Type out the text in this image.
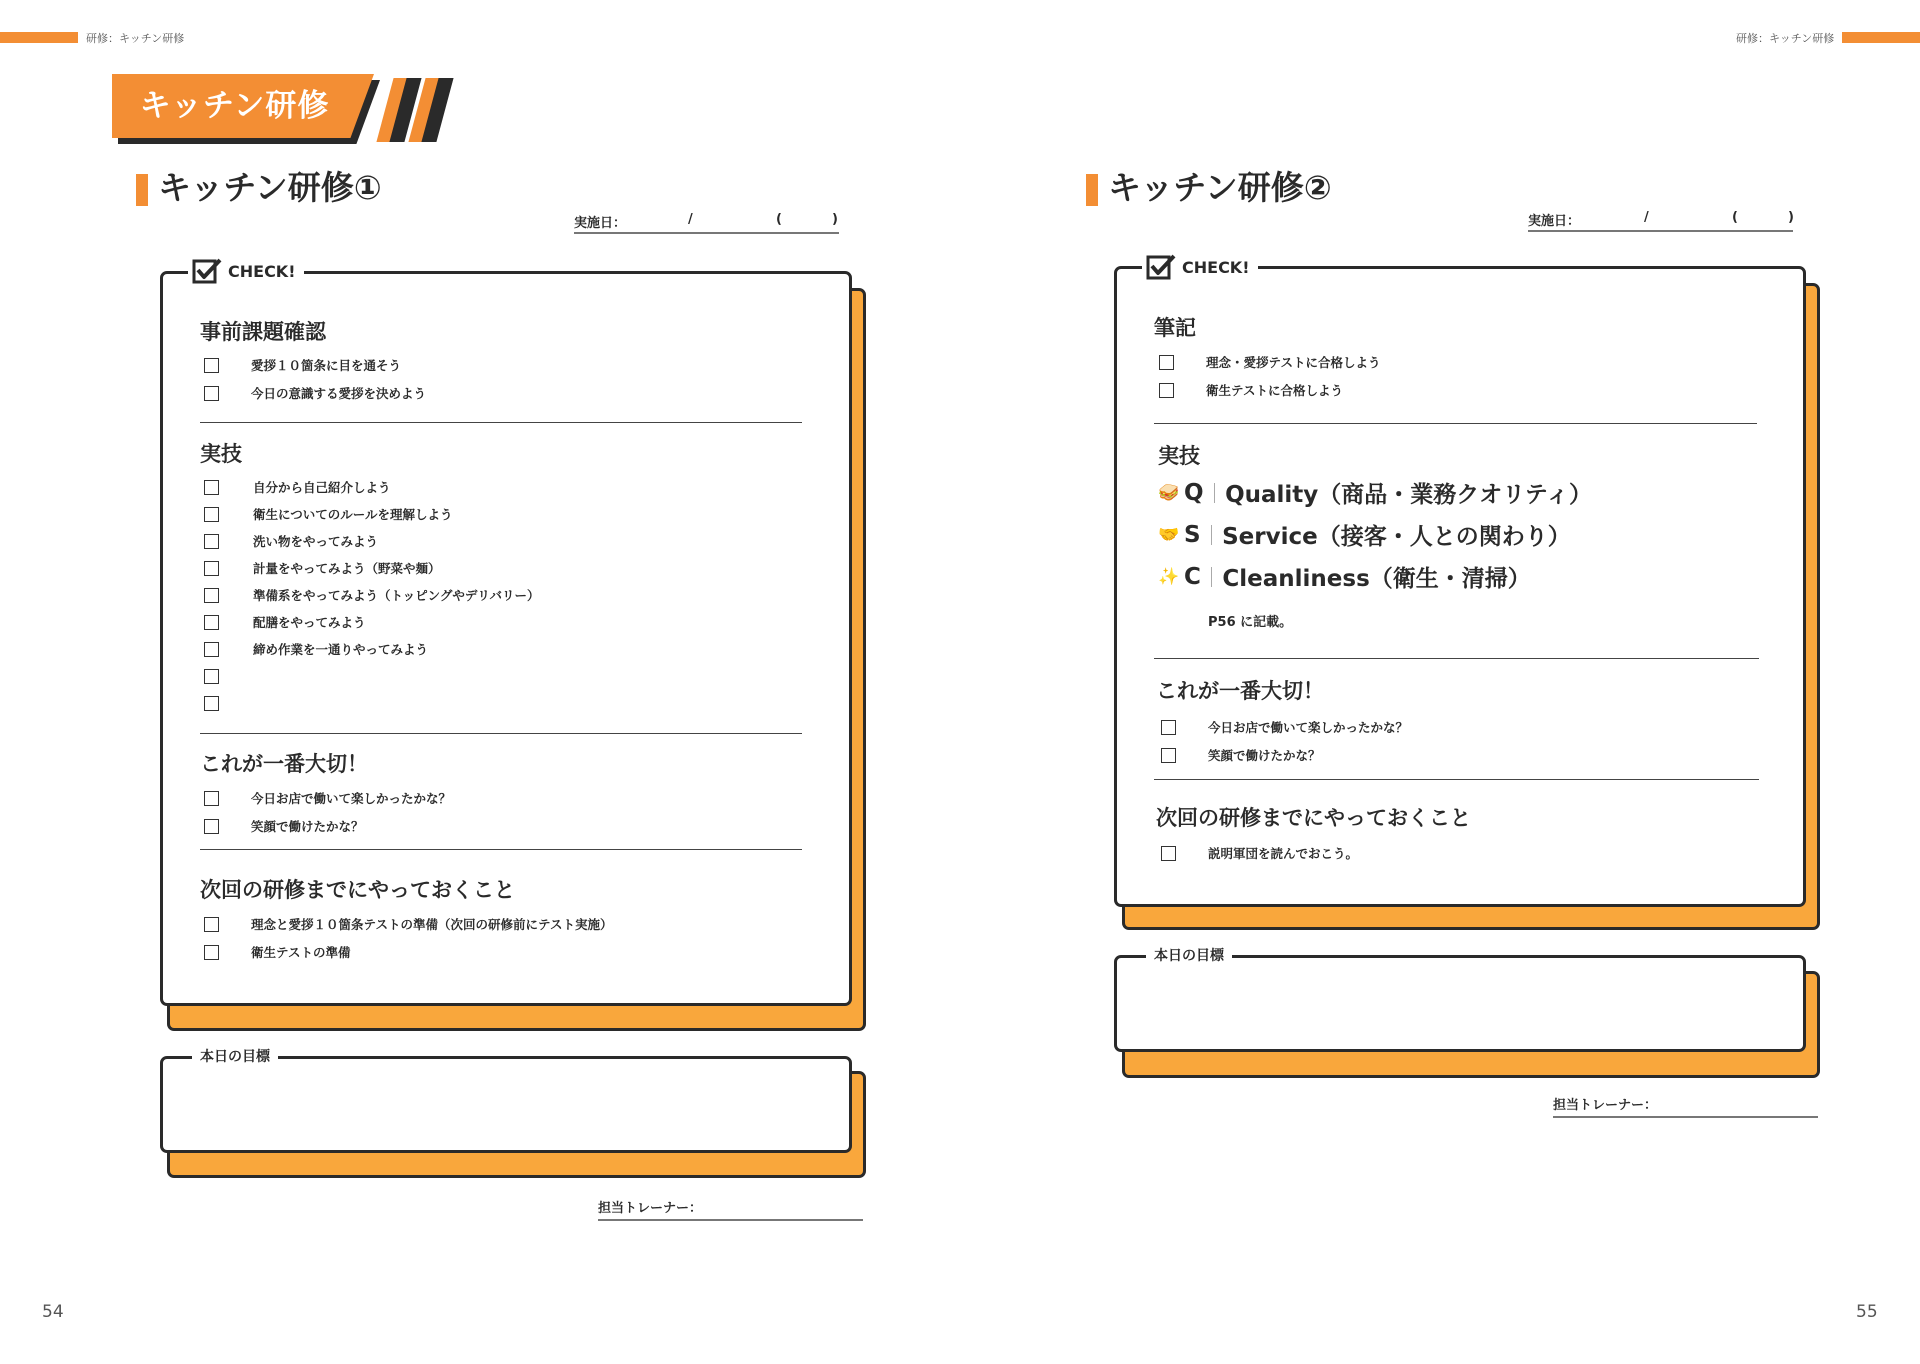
研修：キッチン研修	研修：キッチン研修
キッチン研修
キッチン研修①
実施日：	/	(	)
CHECK!
事前課題確認
愛拶１０箇条に目を通そう
今日の意識する愛拶を決めよう
実技
自分から自己紹介しよう
衛生についてのルールを理解しよう
洗い物をやってみよう
計量をやってみよう（野菜や麺）
準備系をやってみよう（トッピングやデリバリー）
配膳をやってみよう
締め作業を一通りやってみよう
これが一番大切！
今日お店で働いて楽しかったかな？
笑顔で働けたかな？
次回の研修までにやっておくこと
理念と愛拶１０箇条テストの準備（次回の研修前にテスト実施）
衛生テストの準備
本日の目標
担当トレーナー：
54
キッチン研修②
実施日：	/	(	)
CHECK!
筆記
理念・愛拶テストに合格しよう
衛生テストに合格しよう
実技
🥪 Q Quality（商品・業務クオリティ）
🤝 S Service（接客・人との関わり）
✨ C Cleanliness（衛生・清掃）
P56 に記載。
これが一番大切！
今日お店で働いて楽しかったかな？
笑顔で働けたかな？
次回の研修までにやっておくこと
説明軍団を読んでおこう。
本日の目標
担当トレーナー：
55
